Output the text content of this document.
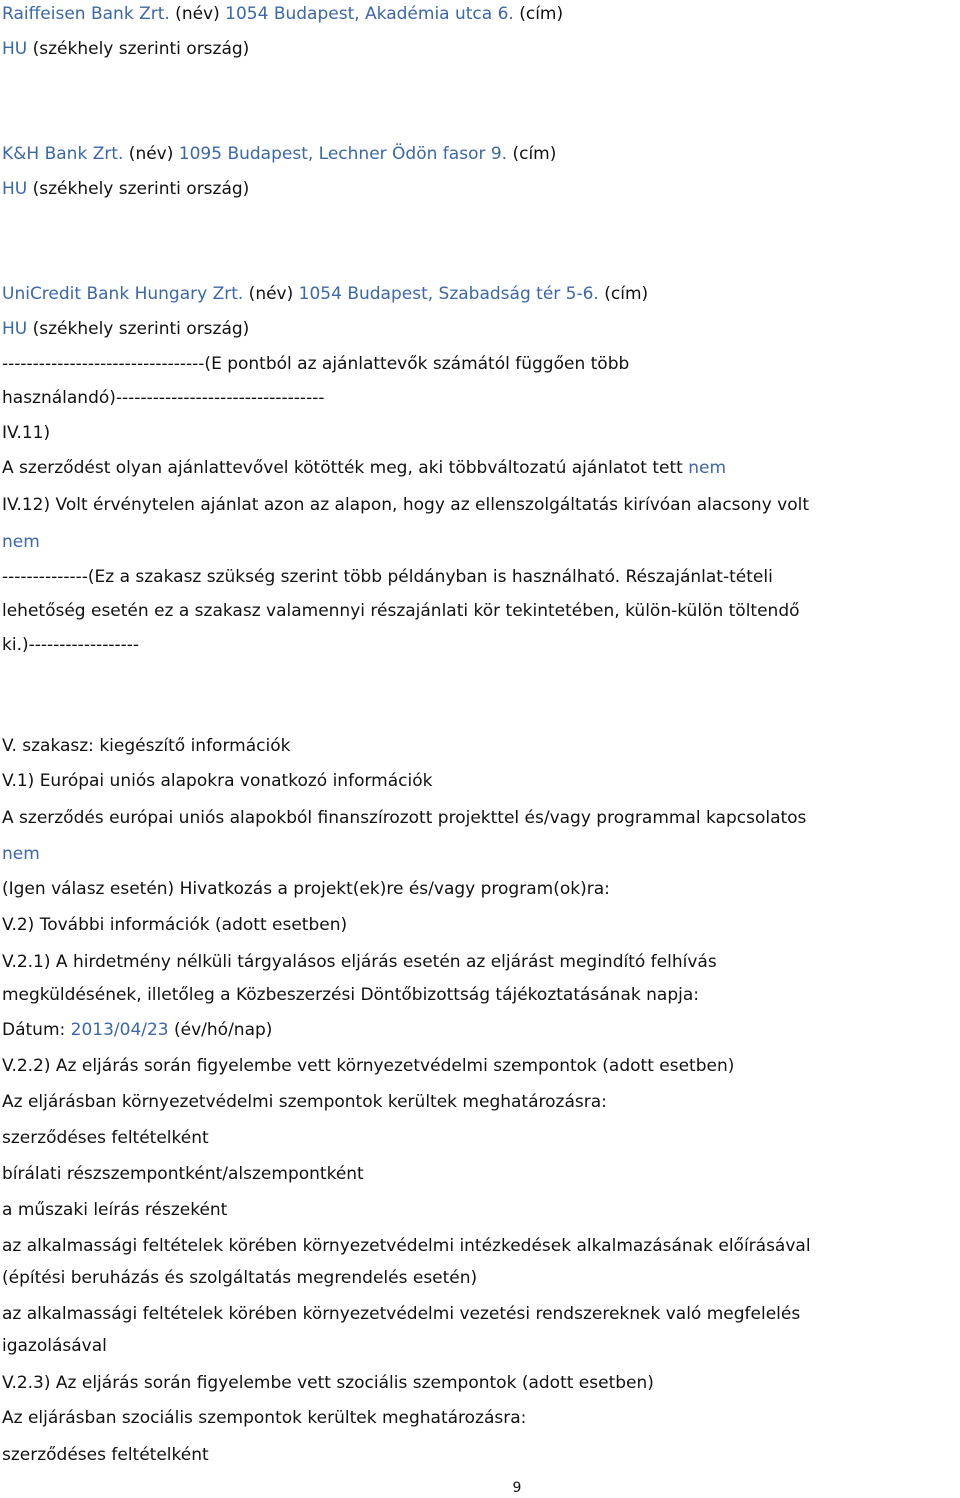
Raiffeisen Bank Zrt. (név) 1054 Budapest, Akadémia utca 6. (cím)
HU (székhely szerinti ország)
K&H Bank Zrt. (név) 1095 Budapest, Lechner Ödön fasor 9. (cím)
HU (székhely szerinti ország)
UniCredit Bank Hungary Zrt. (név) 1054 Budapest, Szabadság tér 5-6. (cím)
HU (székhely szerinti ország)
---------------------------------(E pontból az ajánlattevők számától függően több
használandó)----------------------------------
IV.11)
A szerződést olyan ajánlattevővel kötötték meg, aki többváltozatú ajánlatot tett nem
IV.12) Volt érvénytelen ajánlat azon az alapon, hogy az ellenszolgáltatás kirívóan alacsony volt
nem
--------------(Ez a szakasz szükség szerint több példányban is használható. Részajánlat-tételi
lehetőség esetén ez a szakasz valamennyi részajánlati kör tekintetében, külön-külön töltendő
ki.)------------------
V. szakasz: kiegészítő információk
V.1) Európai uniós alapokra vonatkozó információk
A szerződés európai uniós alapokból finanszírozott projekttel és/vagy programmal kapcsolatos
nem
(Igen válasz esetén) Hivatkozás a projekt(ek)re és/vagy program(ok)ra:
V.2) További információk (adott esetben)
V.2.1) A hirdetmény nélküli tárgyalásos eljárás esetén az eljárást megindító felhívás
megküldésének, illetőleg a Közbeszerzési Döntőbizottság tájékoztatásának napja:
Dátum: 2013/04/23 (év/hó/nap)
V.2.2) Az eljárás során figyelembe vett környezetvédelmi szempontok (adott esetben)
Az eljárásban környezetvédelmi szempontok kerültek meghatározásra:
szerződéses feltételként
bírálati részszempontként/alszempontként
a műszaki leírás részeként
az alkalmassági feltételek körében környezetvédelmi intézkedések alkalmazásának előírásával
(építési beruházás és szolgáltatás megrendelés esetén)
az alkalmassági feltételek körében környezetvédelmi vezetési rendszereknek való megfelelés
igazolásával
V.2.3) Az eljárás során figyelembe vett szociális szempontok (adott esetben)
Az eljárásban szociális szempontok kerültek meghatározásra:
szerződéses feltételként
9
